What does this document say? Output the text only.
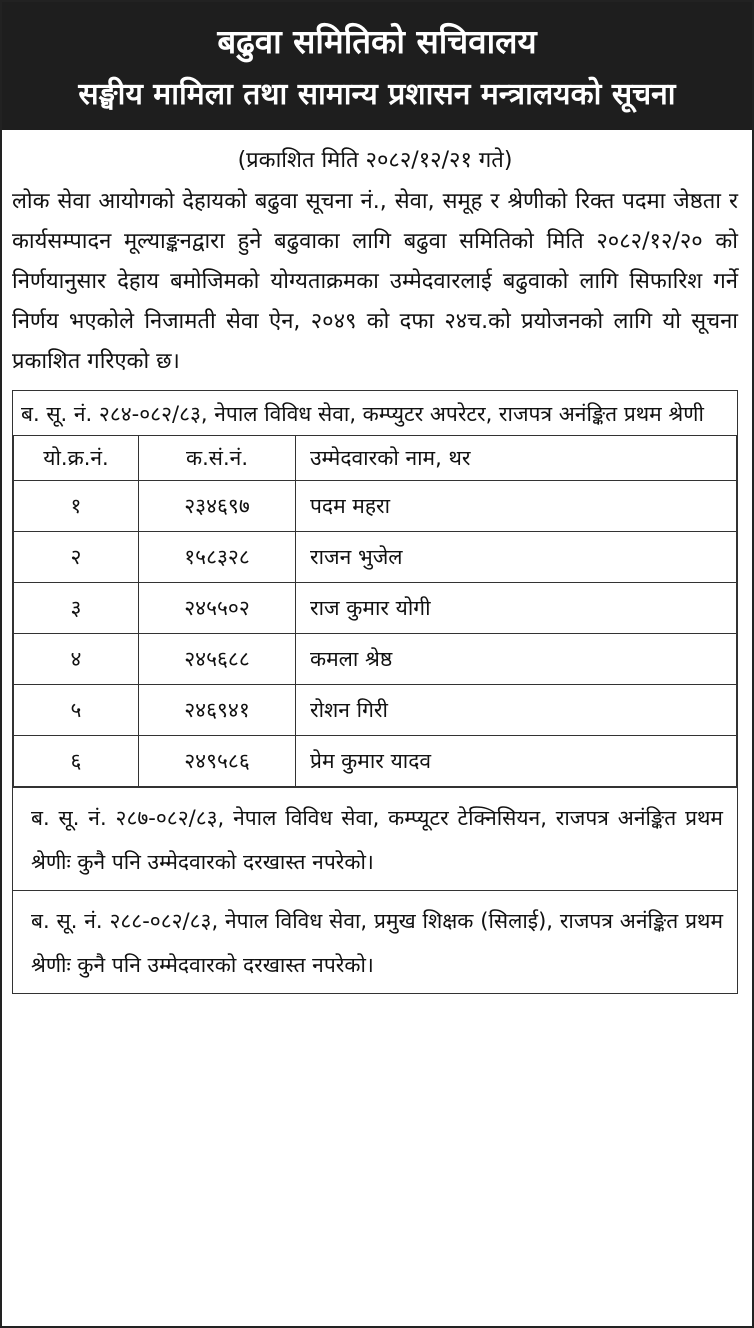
बढुवा समितिको सचिवालय
सङ्घीय मामिला तथा सामान्य प्रशासन मन्त्रालयको सूचना
(प्रकाशित मिति २०८२/१२/२१ गते)

लोक सेवा आयोगको देहायको बढुवा सूचना नं., सेवा, समूह र श्रेणीको रिक्त पदमा जेष्ठता र कार्यसम्पादन मूल्याङ्कनद्वारा हुने बढुवाका लागि बढुवा समितिको मिति २०८२/१२/२० को निर्णयानुसार देहाय बमोजिमको योग्यताक्रमका उम्मेदवारलाई बढुवाको लागि सिफारिश गर्ने निर्णय भएकोले निजामती सेवा ऐन, २०४९ को दफा २४च.को प्रयोजनको लागि यो सूचना प्रकाशित गरिएको छ।

ब. सू. नं. २८४-०८२/८३, नेपाल विविध सेवा, कम्प्युटर अपरेटर, राजपत्र अनंङ्कित प्रथम श्रेणी
यो.क्र.नं.	क.सं.नं.	उम्मेदवारको नाम, थर
१	२३४६९७	पदम महरा
२	१५८३२८	राजन भुजेल
३	२४५५०२	राज कुमार योगी
४	२४५६८८	कमला श्रेष्ठ
५	२४६९४१	रोशन गिरी
६	२४९५८६	प्रेम कुमार यादव
ब. सू. नं. २८७-०८२/८३, नेपाल विविध सेवा, कम्प्यूटर टेक्निसियन, राजपत्र अनंङ्कित प्रथम श्रेणीः कुनै पनि उम्मेदवारको दरखास्त नपरेको।
ब. सू. नं. २८८-०८२/८३, नेपाल विविध सेवा, प्रमुख शिक्षक (सिलाई), राजपत्र अनंङ्कित प्रथम श्रेणीः कुनै पनि उम्मेदवारको दरखास्त नपरेको।
